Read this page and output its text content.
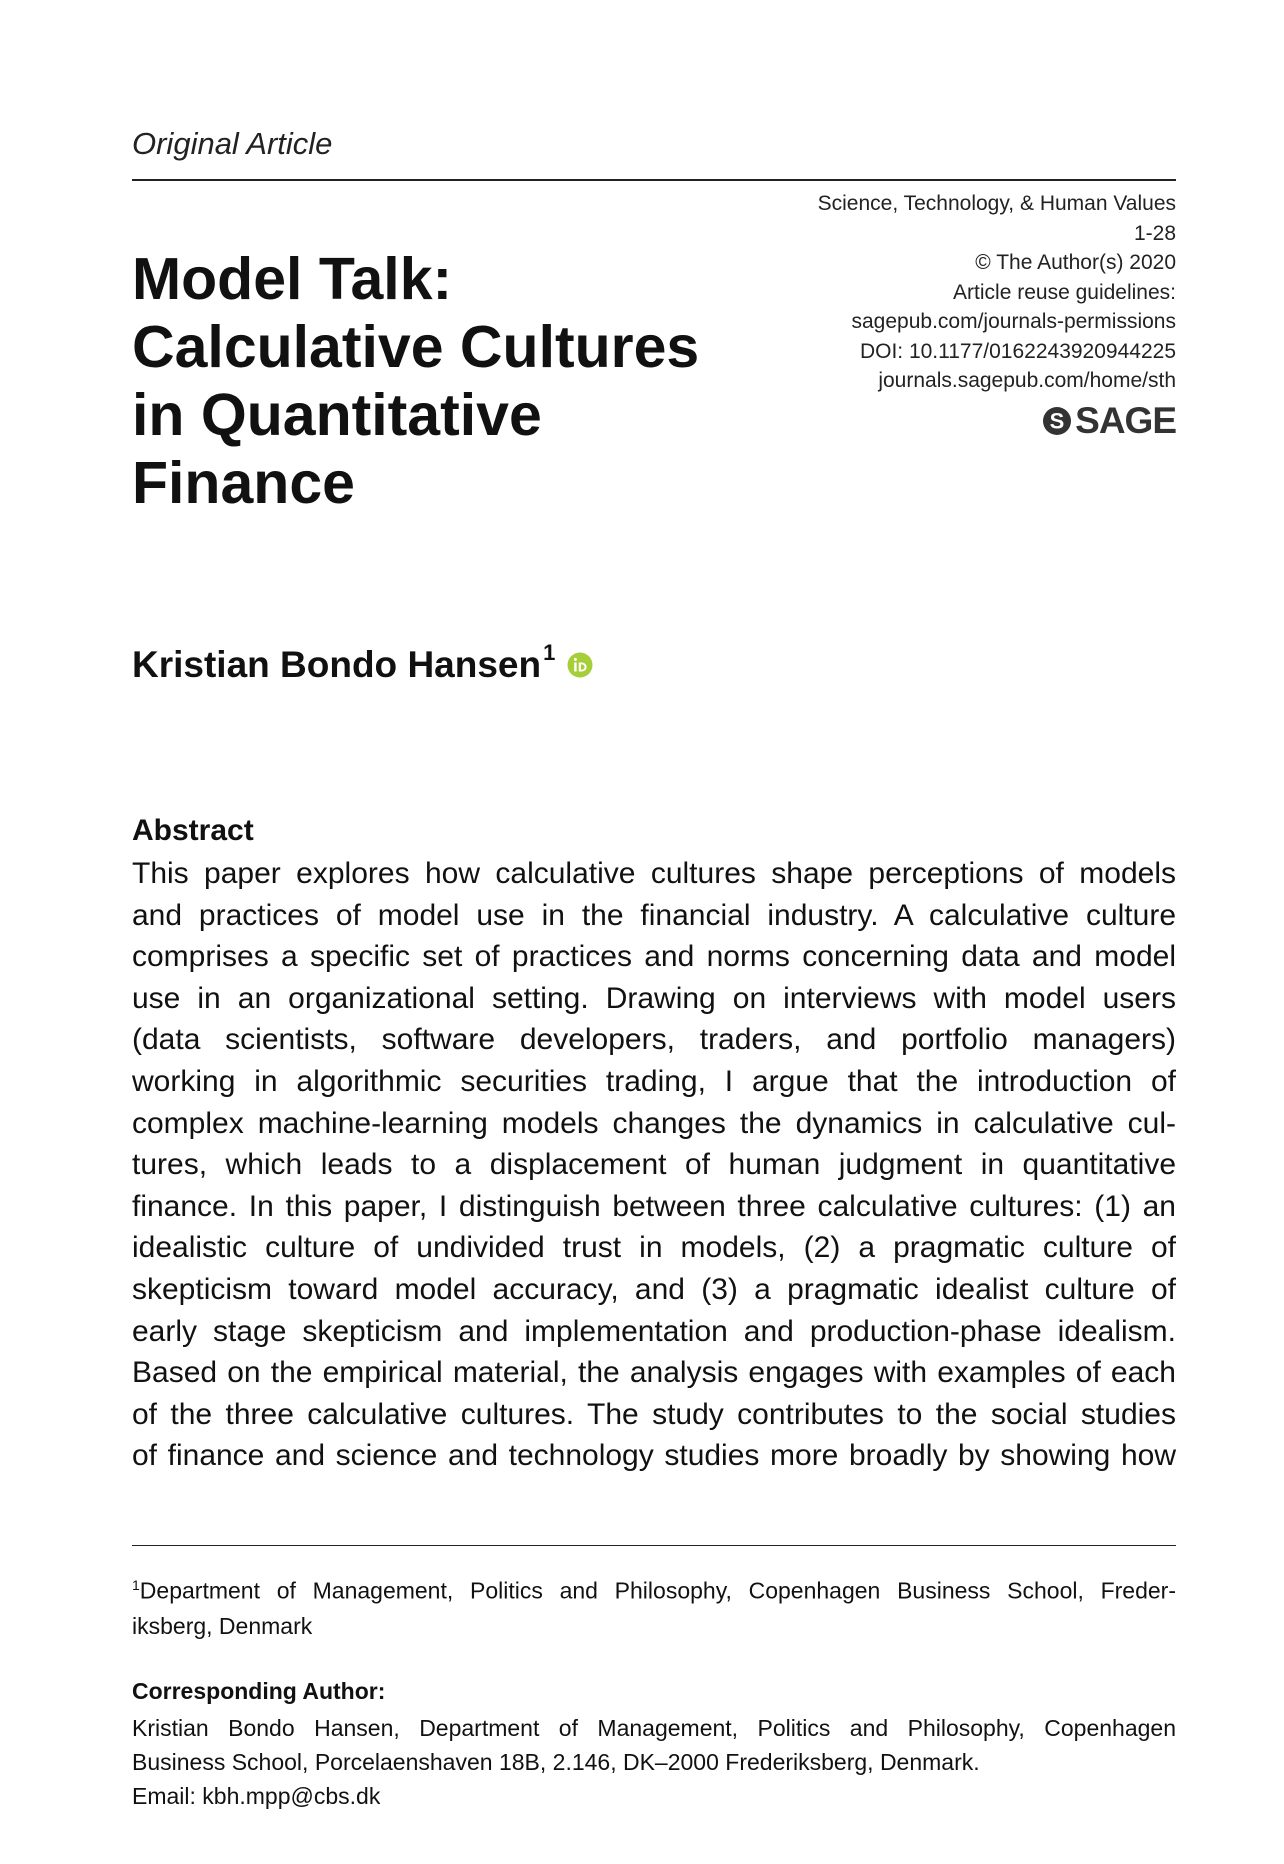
Original Article
Science, Technology, & Human Values
1-28
© The Author(s) 2020
Article reuse guidelines:
sagepub.com/journals-permissions
DOI: 10.1177/0162243920944225
journals.sagepub.com/home/sth
S SAGE
Model Talk:
Calculative Cultures
in Quantitative
Finance
Kristian Bondo Hansen$^1$
Abstract
This paper explores how calculative cultures shape perceptions of models
and practices of model use in the financial industry. A calculative culture
comprises a specific set of practices and norms concerning data and model
use in an organizational setting. Drawing on interviews with model users
(data scientists, software developers, traders, and portfolio managers)
working in algorithmic securities trading, I argue that the introduction of
complex machine-learning models changes the dynamics in calculative cul-
tures, which leads to a displacement of human judgment in quantitative
finance. In this paper, I distinguish between three calculative cultures: (1) an
idealistic culture of undivided trust in models, (2) a pragmatic culture of
skepticism toward model accuracy, and (3) a pragmatic idealist culture of
early stage skepticism and implementation and production-phase idealism.
Based on the empirical material, the analysis engages with examples of each
of the three calculative cultures. The study contributes to the social studies
of finance and science and technology studies more broadly by showing how
$^1$Department of Management, Politics and Philosophy, Copenhagen Business School, Freder-
iksberg, Denmark
Corresponding Author:
Kristian Bondo Hansen, Department of Management, Politics and Philosophy, Copenhagen
Business School, Porcelaenshaven 18B, 2.146, DK–2000 Frederiksberg, Denmark.
Email: kbh.mpp@cbs.dk
